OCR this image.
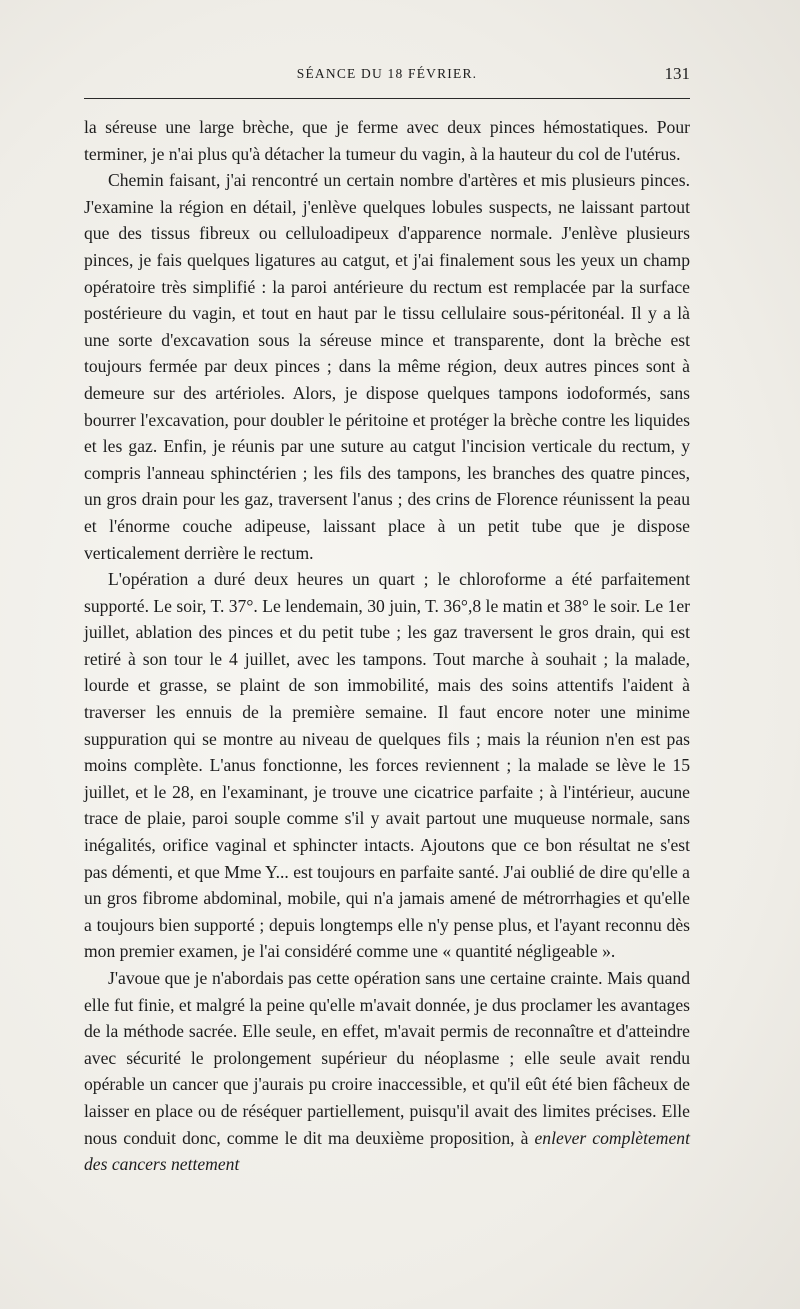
SÉANCE DU 18 FÉVRIER.	131

la séreuse une large brèche, que je ferme avec deux pinces hémostatiques. Pour terminer, je n'ai plus qu'à détacher la tumeur du vagin, à la hauteur du col de l'utérus.

Chemin faisant, j'ai rencontré un certain nombre d'artères et mis plusieurs pinces. J'examine la région en détail, j'enlève quelques lobules suspects, ne laissant partout que des tissus fibreux ou celluloadipeux d'apparence normale. J'enlève plusieurs pinces, je fais quelques ligatures au catgut, et j'ai finalement sous les yeux un champ opératoire très simplifié : la paroi antérieure du rectum est remplacée par la surface postérieure du vagin, et tout en haut par le tissu cellulaire sous-péritonéal. Il y a là une sorte d'excavation sous la séreuse mince et transparente, dont la brèche est toujours fermée par deux pinces ; dans la même région, deux autres pinces sont à demeure sur des artérioles. Alors, je dispose quelques tampons iodoformés, sans bourrer l'excavation, pour doubler le péritoine et protéger la brèche contre les liquides et les gaz. Enfin, je réunis par une suture au catgut l'incision verticale du rectum, y compris l'anneau sphinctérien ; les fils des tampons, les branches des quatre pinces, un gros drain pour les gaz, traversent l'anus ; des crins de Florence réunissent la peau et l'énorme couche adipeuse, laissant place à un petit tube que je dispose verticalement derrière le rectum.

L'opération a duré deux heures un quart ; le chloroforme a été parfaitement supporté. Le soir, T. 37°. Le lendemain, 30 juin, T. 36°,8 le matin et 38° le soir. Le 1er juillet, ablation des pinces et du petit tube ; les gaz traversent le gros drain, qui est retiré à son tour le 4 juillet, avec les tampons. Tout marche à souhait ; la malade, lourde et grasse, se plaint de son immobilité, mais des soins attentifs l'aident à traverser les ennuis de la première semaine. Il faut encore noter une minime suppuration qui se montre au niveau de quelques fils ; mais la réunion n'en est pas moins complète. L'anus fonctionne, les forces reviennent ; la malade se lève le 15 juillet, et le 28, en l'examinant, je trouve une cicatrice parfaite ; à l'intérieur, aucune trace de plaie, paroi souple comme s'il y avait partout une muqueuse normale, sans inégalités, orifice vaginal et sphincter intacts. Ajoutons que ce bon résultat ne s'est pas démenti, et que Mme Y... est toujours en parfaite santé. J'ai oublié de dire qu'elle a un gros fibrome abdominal, mobile, qui n'a jamais amené de métrorrhagies et qu'elle a toujours bien supporté ; depuis longtemps elle n'y pense plus, et l'ayant reconnu dès mon premier examen, je l'ai considéré comme une « quantité négligeable ».

J'avoue que je n'abordais pas cette opération sans une certaine crainte. Mais quand elle fut finie, et malgré la peine qu'elle m'avait donnée, je dus proclamer les avantages de la méthode sacrée. Elle seule, en effet, m'avait permis de reconnaître et d'atteindre avec sécurité le prolongement supérieur du néoplasme ; elle seule avait rendu opérable un cancer que j'aurais pu croire inaccessible, et qu'il eût été bien fâcheux de laisser en place ou de réséquer partiellement, puisqu'il avait des limites précises. Elle nous conduit donc, comme le dit ma deuxième proposition, à enlever complètement des cancers nettement
